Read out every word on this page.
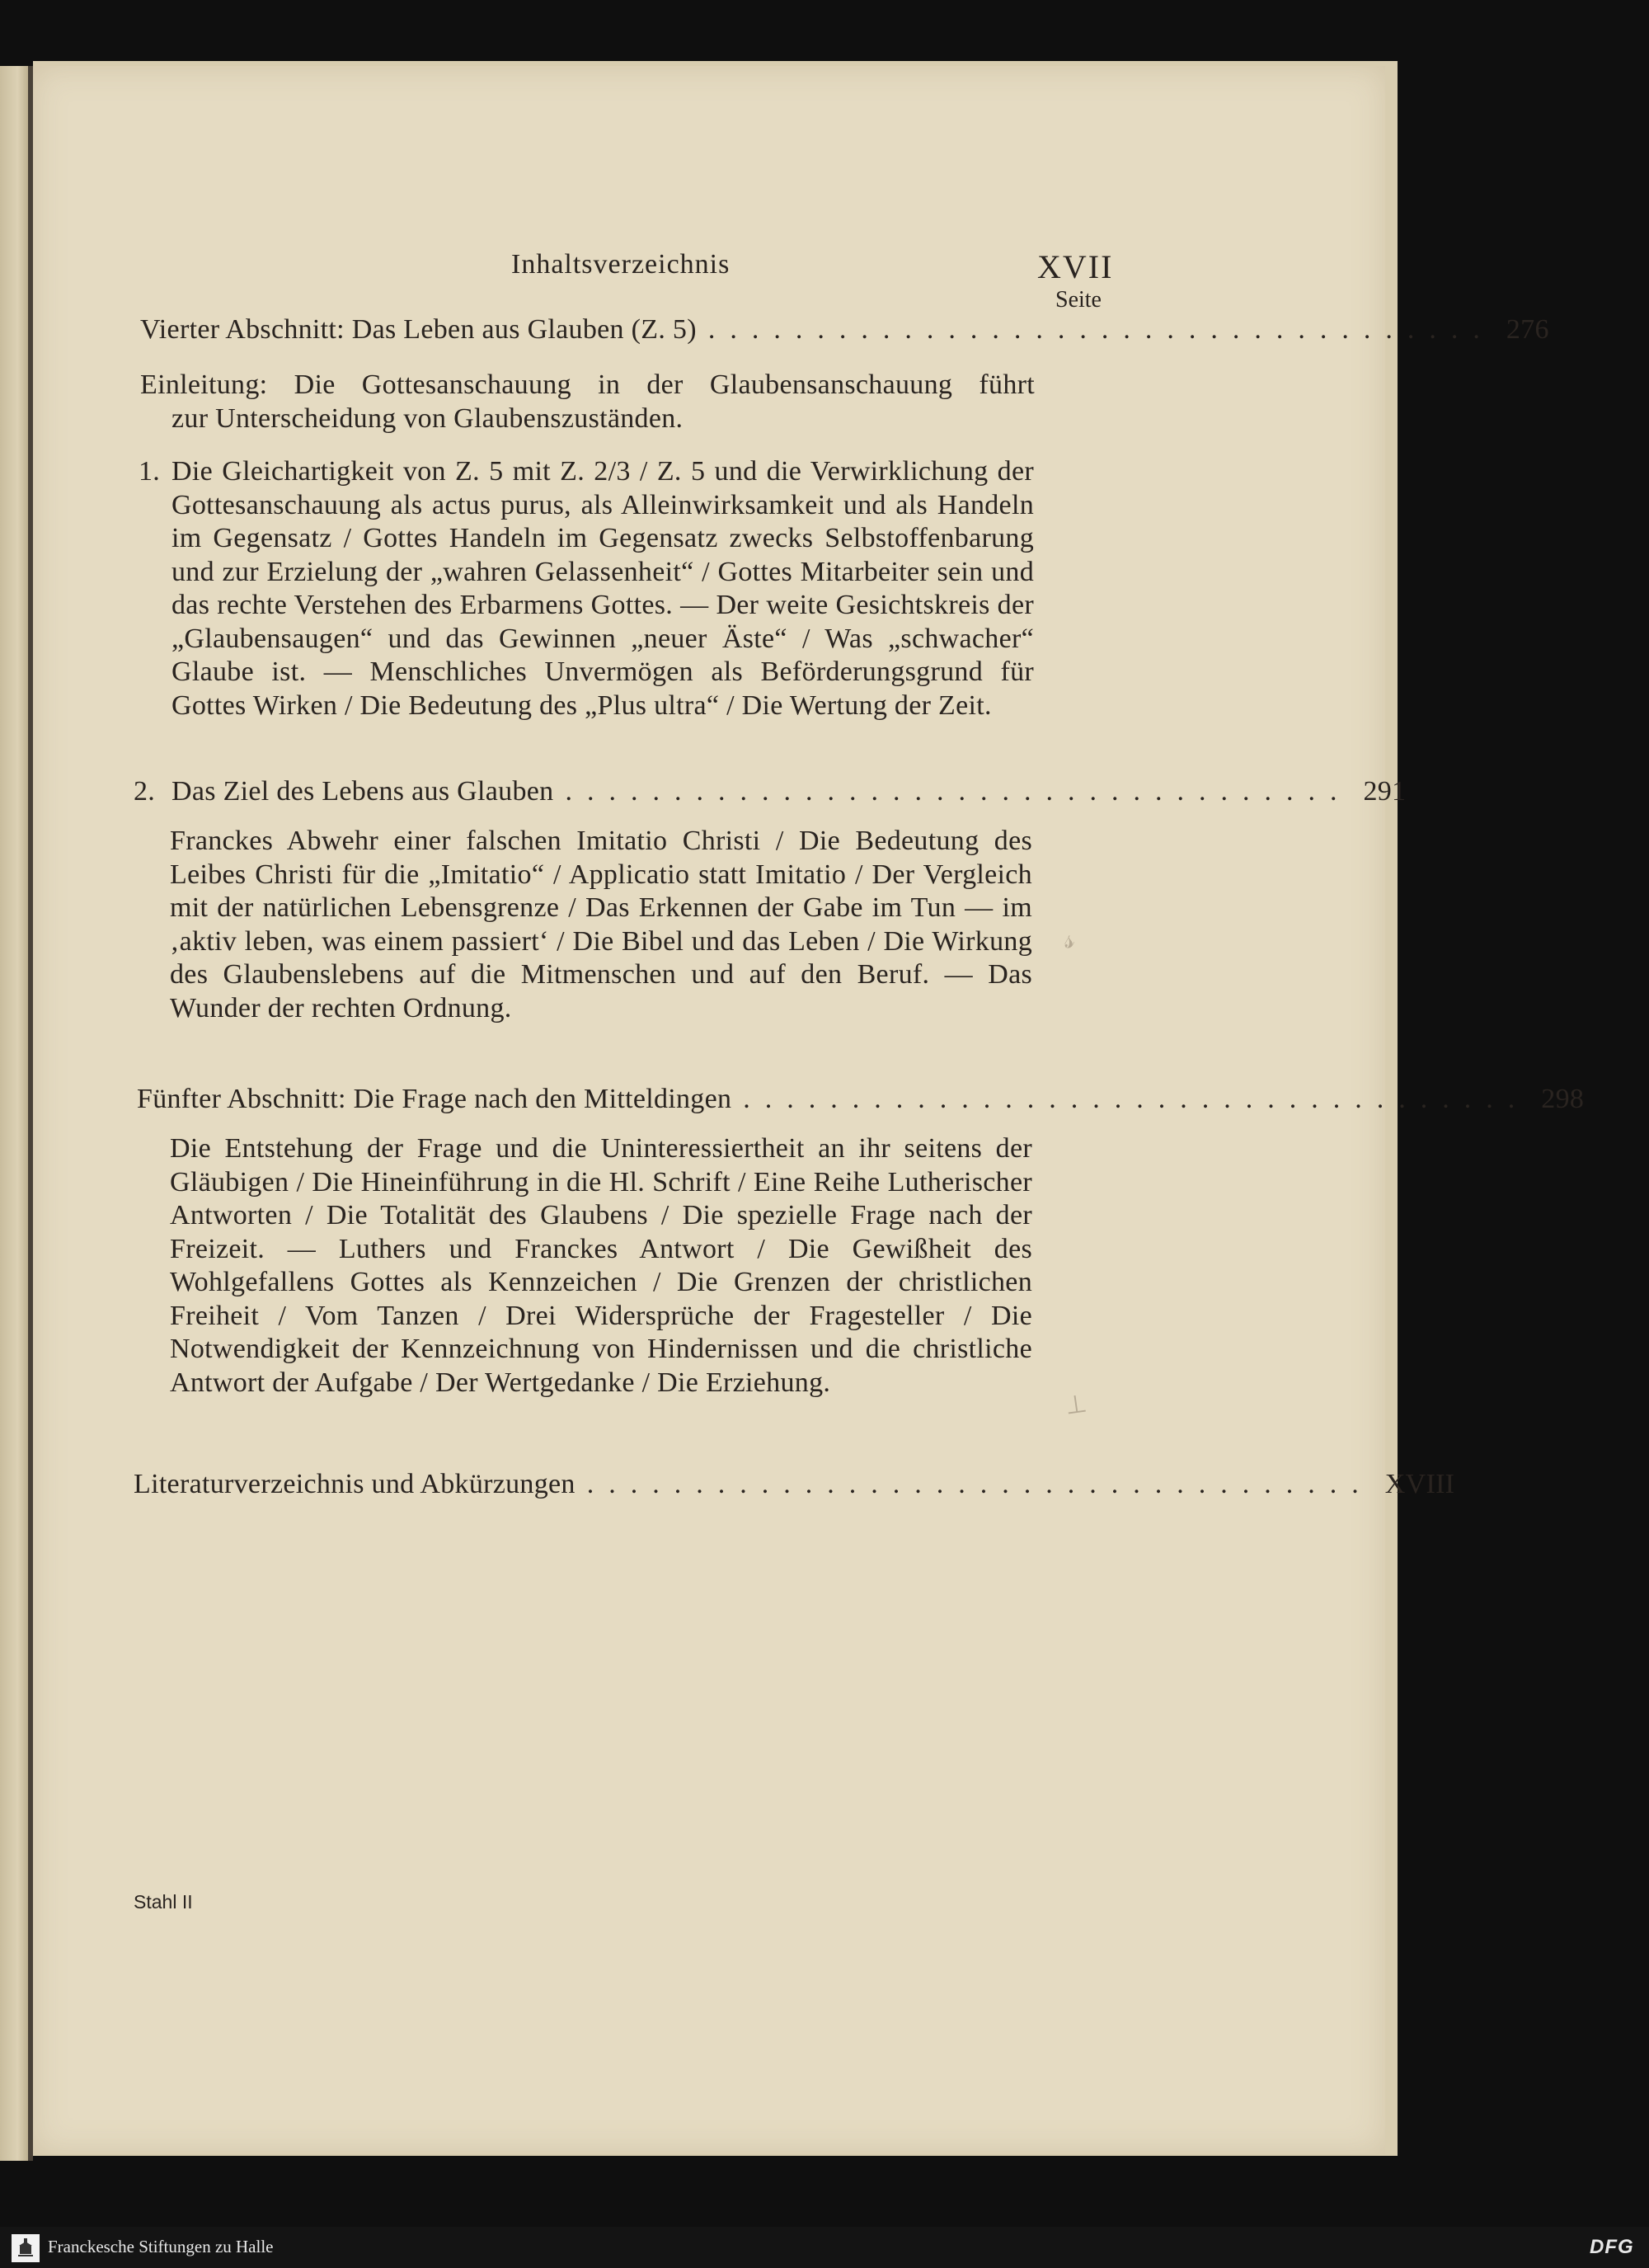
Inhaltsverzeichnis	XVII
Seite
Vierter Abschnitt: Das Leben aus Glauben (Z. 5) .................................... 276
Einleitung: Die Gottesanschauung in der Glaubensanschauung führt
zur Unterscheidung von Glaubenszuständen.
1. Die Gleichartigkeit von Z. 5 mit Z. 2/3 / Z. 5 und die Verwirklichung der Gottesanschauung als actus purus, als Alleinwirksamkeit und als Handeln im Gegensatz / Gottes Handeln im Gegensatz zwecks Selbstoffenbarung und zur Erzielung der „wahren Gelassenheit“ / Gottes Mitarbeiter sein und das rechte Verstehen des Erbarmens Gottes. — Der weite Gesichtskreis der „Glaubensaugen“ und das Gewinnen „neuer Äste“ / Was „schwacher“ Glaube ist. — Menschliches Unvermögen als Beförderungsgrund für Gottes Wirken / Die Bedeutung des „Plus ultra“ / Die Wertung der Zeit.
2. Das Ziel des Lebens aus Glauben .................................... 291
Franckes Abwehr einer falschen Imitatio Christi / Die Bedeutung des Leibes Christi für die „Imitatio“ / Applicatio statt Imitatio / Der Vergleich mit der natürlichen Lebensgrenze / Das Erkennen der Gabe im Tun — im ‚aktiv leben, was einem passiert‘ / Die Bibel und das Leben / Die Wirkung des Glaubenslebens auf die Mitmenschen und auf den Beruf. — Das Wunder der rechten Ordnung.
Fünfter Abschnitt: Die Frage nach den Mitteldingen .................................... 298
Die Entstehung der Frage und die Uninteressiertheit an ihr seitens der Gläubigen / Die Hineinführung in die Hl. Schrift / Eine Reihe Lutherischer Antworten / Die Totalität des Glaubens / Die spezielle Frage nach der Freizeit. — Luthers und Franckes Antwort / Die Gewißheit des Wohlgefallens Gottes als Kennzeichen / Die Grenzen der christlichen Freiheit / Vom Tanzen / Drei Widersprüche der Fragesteller / Die Notwendigkeit der Kennzeichnung von Hindernissen und die christliche Antwort der Aufgabe / Der Wertgedanke / Die Erziehung.
Literaturverzeichnis und Abkürzungen .................................... XVIII
𝓈
⊥
Stahl II
Franckesche Stiftungen zu Halle	DFG
